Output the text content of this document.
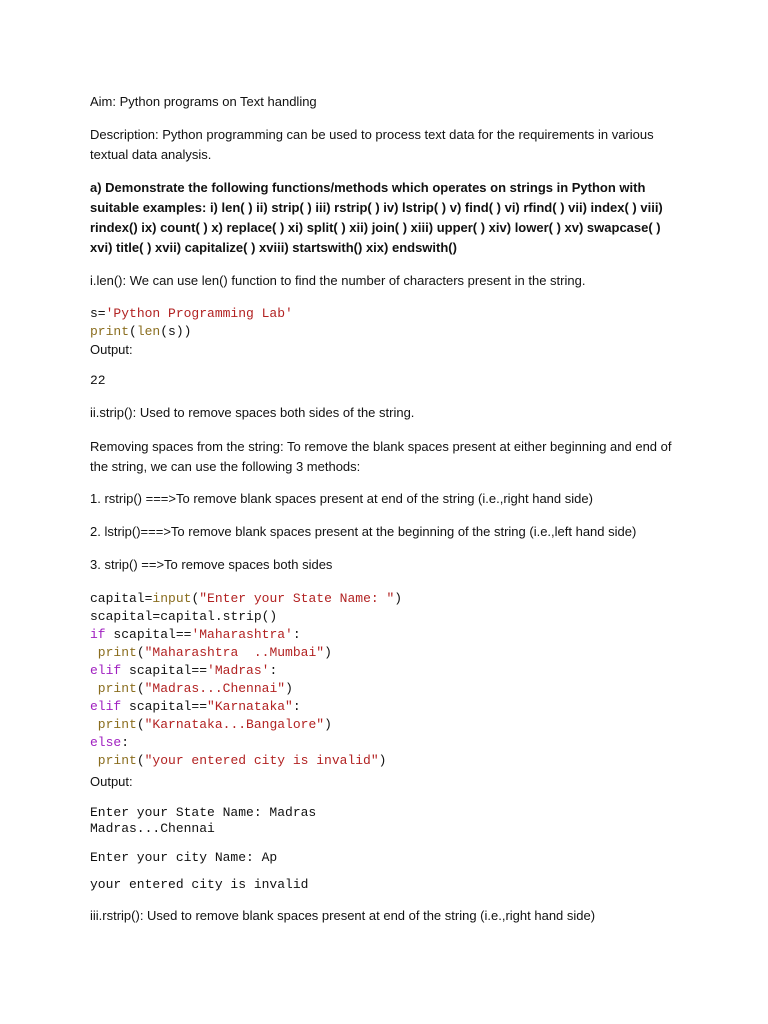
Aim: Python programs on Text handling

Description: Python programming can be used to process text data for the requirements in various textual data analysis.

a) Demonstrate the following functions/methods which operates on strings in Python with suitable examples: i) len( ) ii) strip( ) iii) rstrip( ) iv) lstrip( ) v) find( ) vi) rfind( ) vii) index( ) viii) rindex() ix) count( ) x) replace( ) xi) split( ) xii) join( ) xiii) upper( ) xiv) lower( ) xv) swapcase( ) xvi) title( ) xvii) capitalize( ) xviii) startswith() xix) endswith()

i.len(): We can use len() function to find the number of characters present in the string.

s='Python Programming Lab'
print(len(s))

Output:

22

ii.strip(): Used to remove spaces both sides of the string.

Removing spaces from the string: To remove the blank spaces present at either beginning and end of the string, we can use the following 3 methods:

1. rstrip() ===>To remove blank spaces present at end of the string (i.e.,right hand side)

2. lstrip()===>To remove blank spaces present at the beginning of the string (i.e.,left hand side)

3. strip() ==>To remove spaces both sides

capital=input("Enter your State Name: ")
scapital=capital.strip()
if scapital=='Maharashtra':
print("Maharashtra  ..Mumbai")
elif scapital=='Madras':
print("Madras...Chennai")
elif scapital=="Karnataka":
print("Karnataka...Bangalore")
else:
print("your entered city is invalid")

Output:

Enter your State Name: Madras
Madras...Chennai
Enter your city Name: Ap
your entered city is invalid

iii.rstrip(): Used to remove blank spaces present at end of the string (i.e.,right hand side)
